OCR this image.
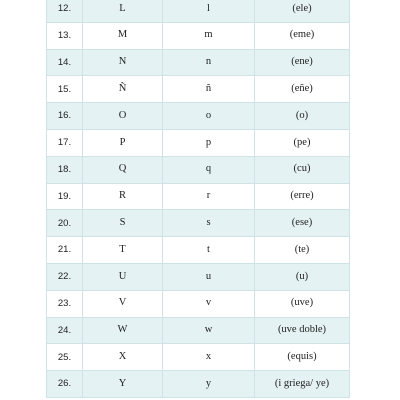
12.	L	l	(ele)
13.	M	m	(eme)
14.	N	n	(ene)
15.	Ñ	ñ	(eñe)
16.	O	o	(o)
17.	P	p	(pe)
18.	Q	q	(cu)
19.	R	r	(erre)
20.	S	s	(ese)
21.	T	t	(te)
22.	U	u	(u)
23.	V	v	(uve)
24.	W	w	(uve doble)
25.	X	x	(equis)
26.	Y	y	(i griega/ ye)
